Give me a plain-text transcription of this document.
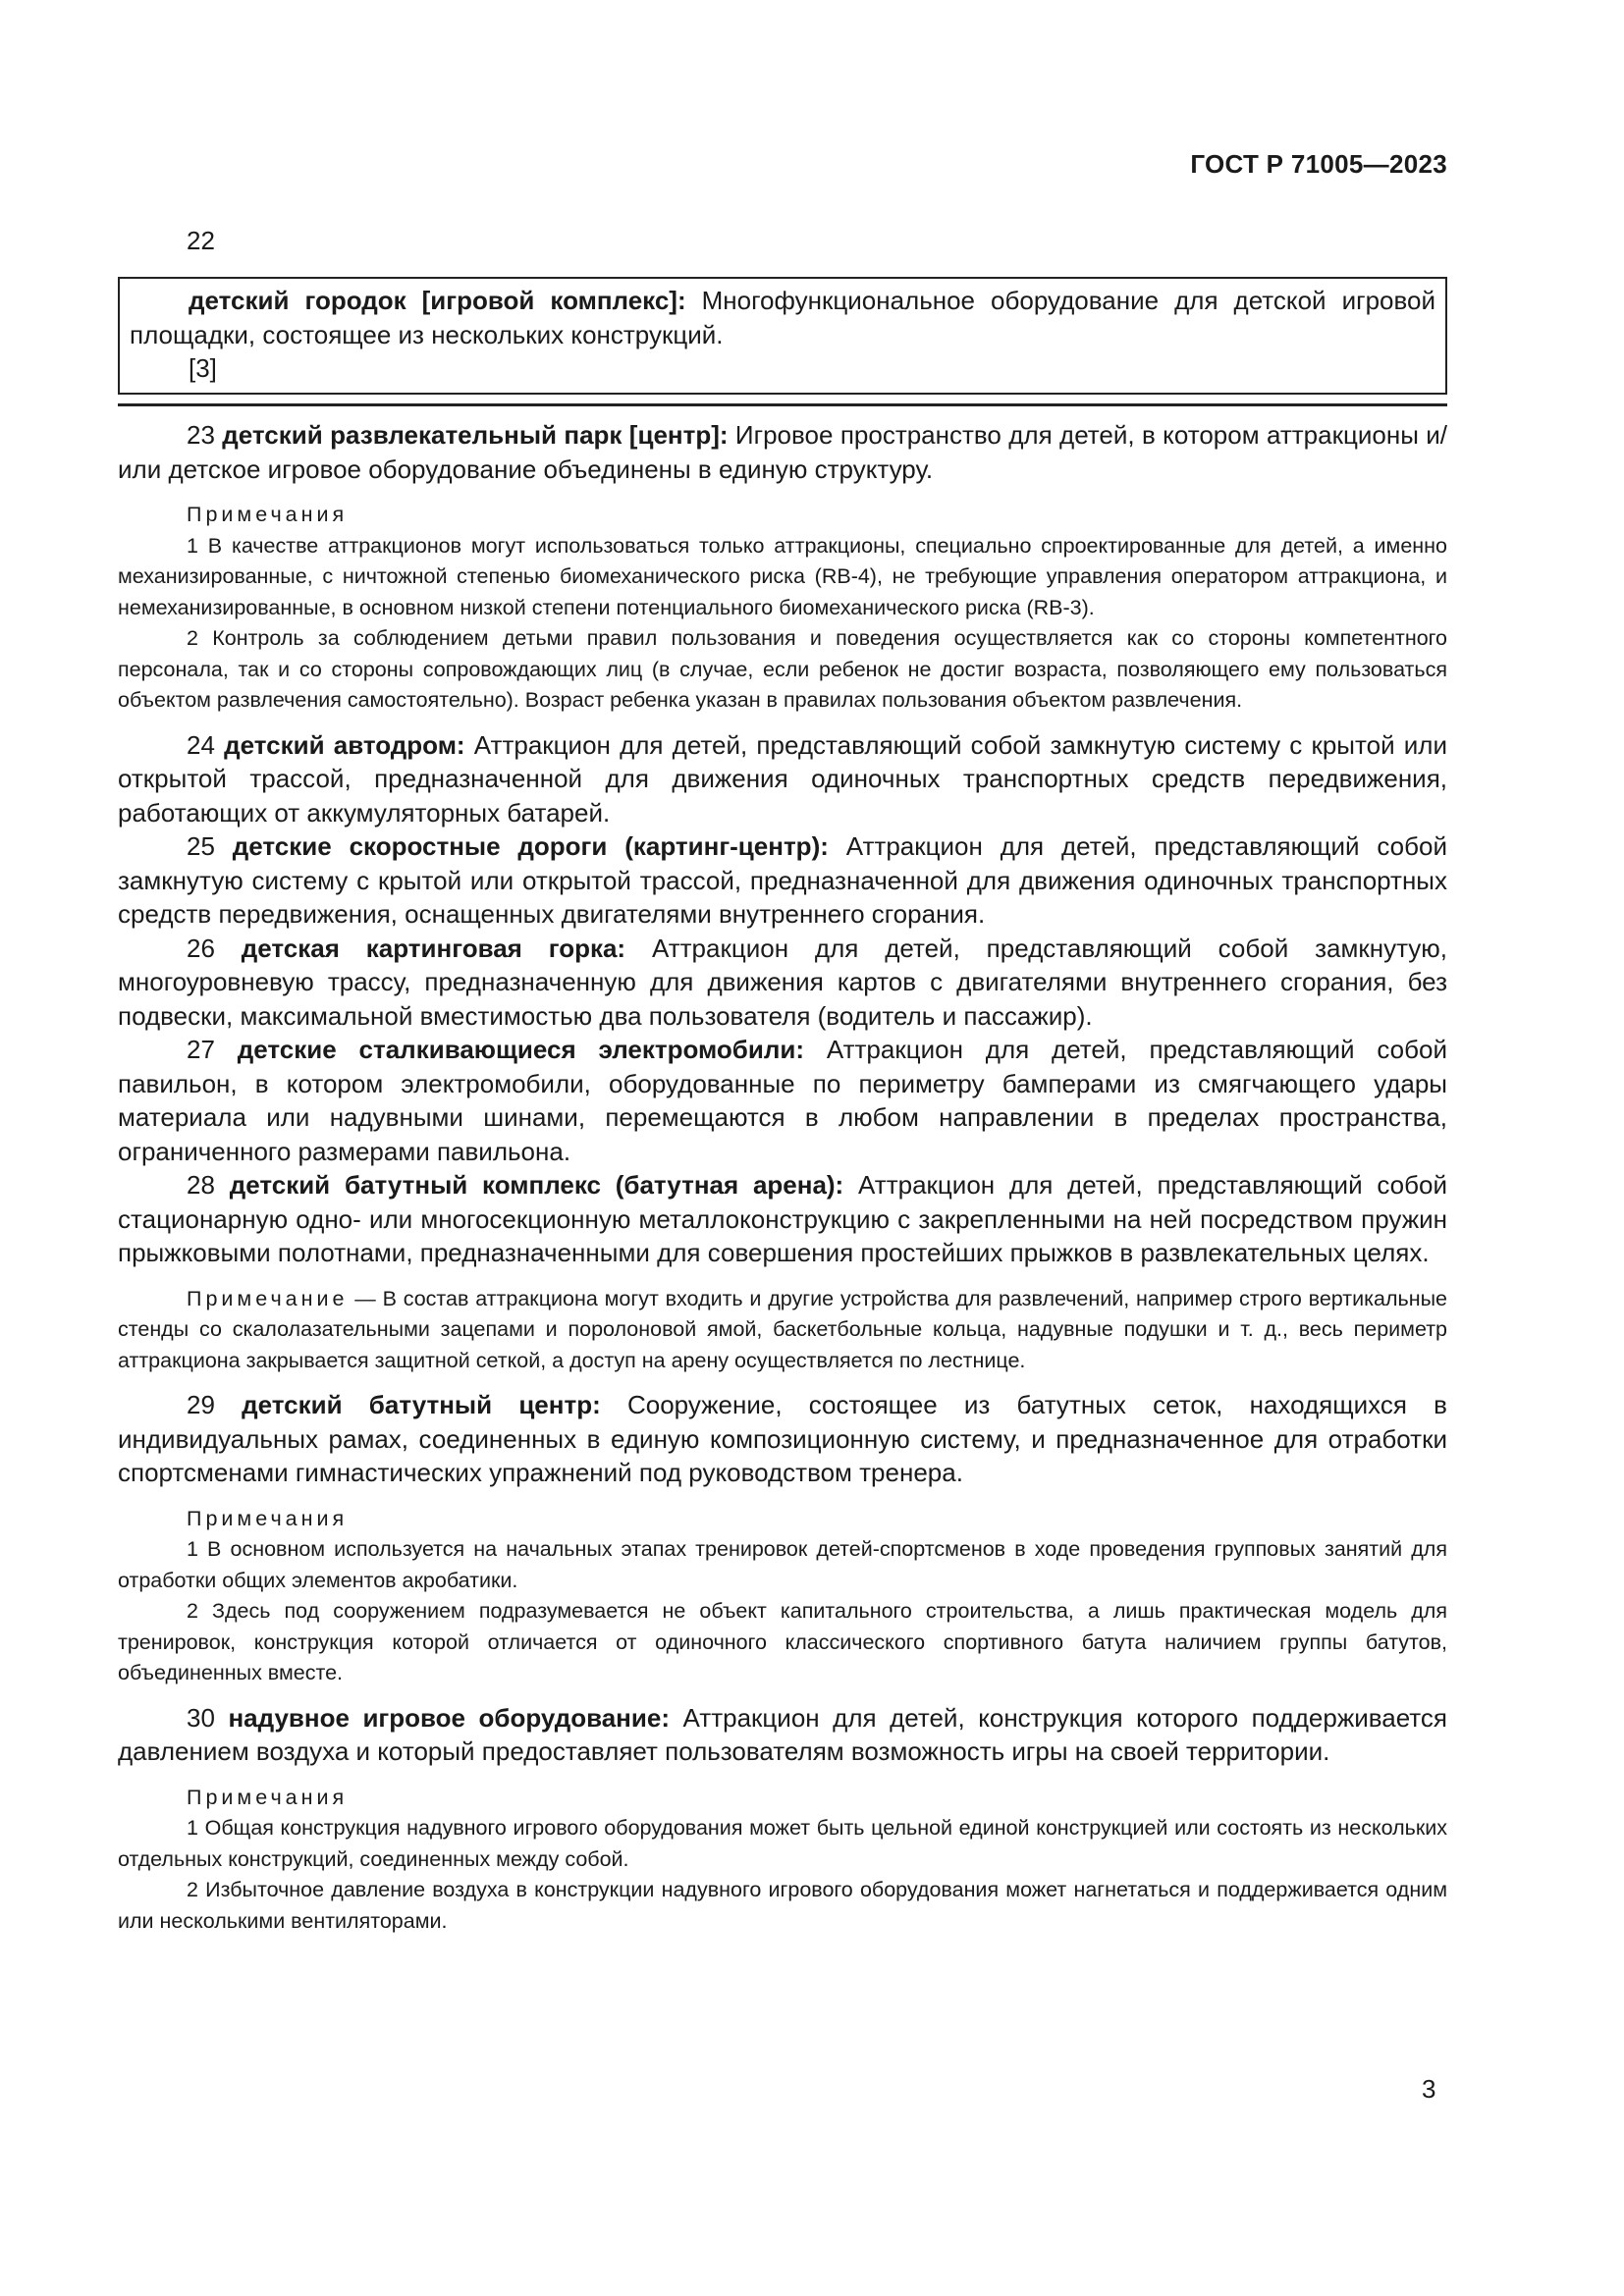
ГОСТ Р 71005—2023
22

детский городок [игровой комплекс]: Многофункциональное оборудование для детской игровой площадки, состоящее из нескольких конструкций.

[3]

23 детский развлекательный парк [центр]: Игровое пространство для детей, в котором аттракционы и/или детское игровое оборудование объединены в единую структуру.

Примечания

1 В качестве аттракционов могут использоваться только аттракционы, специально спроектированные для детей, а именно механизированные, с ничтожной степенью биомеханического риска (RB-4), не требующие управления оператором аттракциона, и немеханизированные, в основном низкой степени потенциального биомеханического риска (RB-3).

2 Контроль за соблюдением детьми правил пользования и поведения осуществляется как со стороны компетентного персонала, так и со стороны сопровождающих лиц (в случае, если ребенок не достиг возраста, позволяющего ему пользоваться объектом развлечения самостоятельно). Возраст ребенка указан в правилах пользования объектом развлечения.

24 детский автодром: Аттракцион для детей, представляющий собой замкнутую систему с крытой или открытой трассой, предназначенной для движения одиночных транспортных средств передвижения, работающих от аккумуляторных батарей.

25 детские скоростные дороги (картинг-центр): Аттракцион для детей, представляющий собой замкнутую систему с крытой или открытой трассой, предназначенной для движения одиночных транспортных средств передвижения, оснащенных двигателями внутреннего сгорания.

26 детская картинговая горка: Аттракцион для детей, представляющий собой замкнутую, многоуровневую трассу, предназначенную для движения картов с двигателями внутреннего сгорания, без подвески, максимальной вместимостью два пользователя (водитель и пассажир).

27 детские сталкивающиеся электромобили: Аттракцион для детей, представляющий собой павильон, в котором электромобили, оборудованные по периметру бамперами из смягчающего удары материала или надувными шинами, перемещаются в любом направлении в пределах пространства, ограниченного размерами павильона.

28 детский батутный комплекс (батутная арена): Аттракцион для детей, представляющий собой стационарную одно- или многосекционную металлоконструкцию с закрепленными на ней посредством пружин прыжковыми полотнами, предназначенными для совершения простейших прыжков в развлекательных целях.

Примечание — В состав аттракциона могут входить и другие устройства для развлечений, например строго вертикальные стенды со скалолазательными зацепами и поролоновой ямой, баскетбольные кольца, надувные подушки и т. д., весь периметр аттракциона закрывается защитной сеткой, а доступ на арену осуществляется по лестнице.

29 детский батутный центр: Сооружение, состоящее из батутных сеток, находящихся в индивидуальных рамах, соединенных в единую композиционную систему, и предназначенное для отработки спортсменами гимнастических упражнений под руководством тренера.

Примечания

1 В основном используется на начальных этапах тренировок детей-спортсменов в ходе проведения групповых занятий для отработки общих элементов акробатики.

2 Здесь под сооружением подразумевается не объект капитального строительства, а лишь практическая модель для тренировок, конструкция которой отличается от одиночного классического спортивного батута наличием группы батутов, объединенных вместе.

30 надувное игровое оборудование: Аттракцион для детей, конструкция которого поддерживается давлением воздуха и который предоставляет пользователям возможность игры на своей территории.

Примечания

1 Общая конструкция надувного игрового оборудования может быть цельной единой конструкцией или состоять из нескольких отдельных конструкций, соединенных между собой.

2 Избыточное давление воздуха в конструкции надувного игрового оборудования может нагнетаться и поддерживается одним или несколькими вентиляторами.

3
